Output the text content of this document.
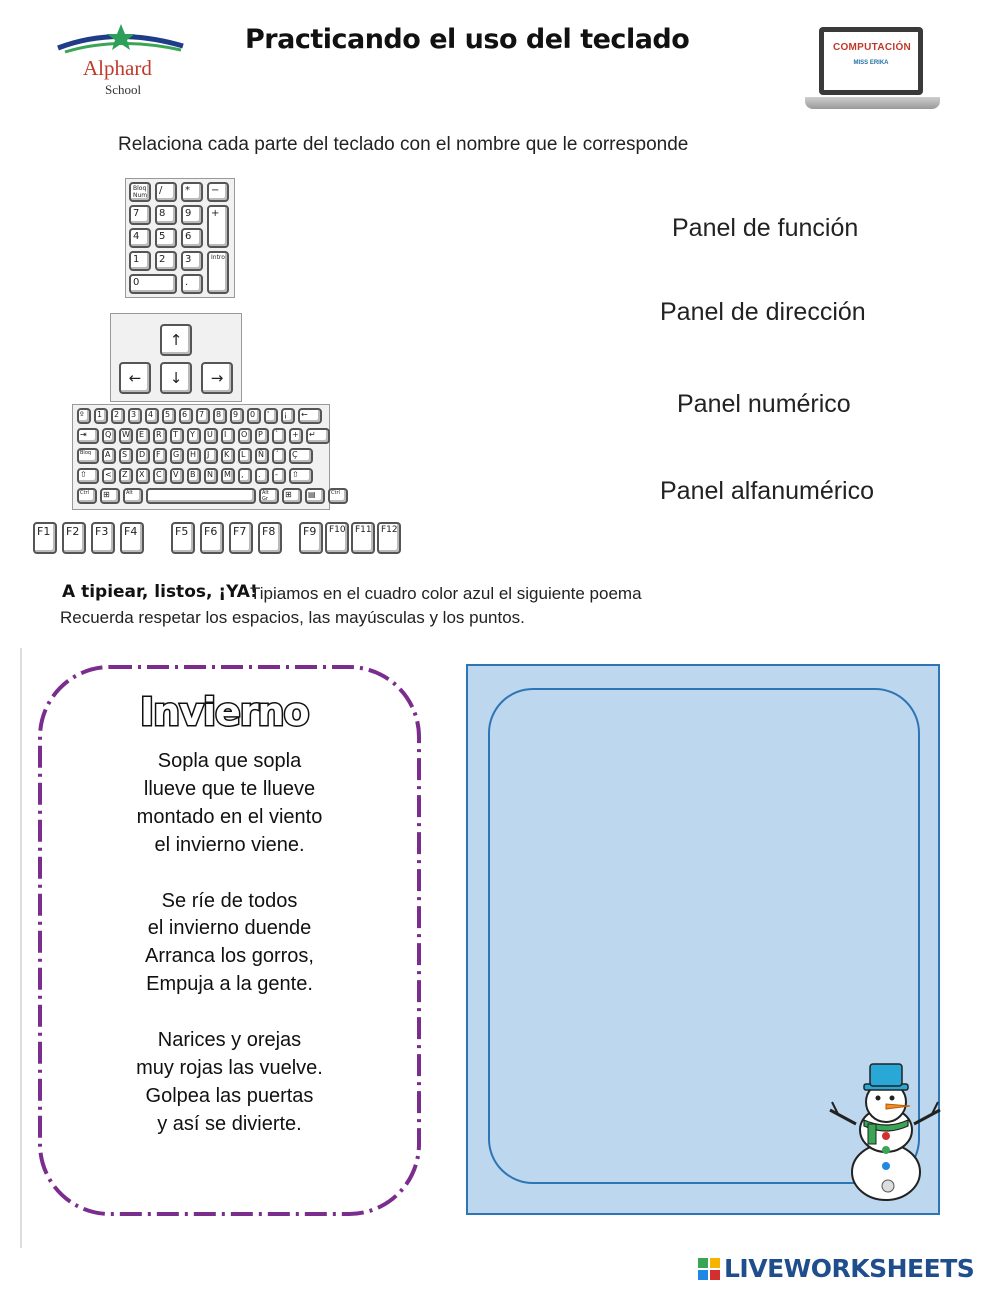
Alphard
School
Practicando el uso del teclado	COMPUTACIÓN
MISS ERIKA
Relaciona cada parte del teclado con el nombre que le corresponde
Bloq Num	/	*	−
7	8	9	+
4	5	6
1	2	3	Intro
0	.
↑
←	↓	→
º	1	2	3	4	5	6	7	8	9	0	'	¡	←
⇥	Q	W	E	R	T	Y	U	I	O	P	`	+	↵
Bloq	A	S	D	F	G	H	J	K	L	Ñ	´	Ç
⇧	<	Z	X	C	V	B	N	M	,	.	-	⇧
Ctrl	⊞	Alt	Alt Gr	⊞	▤	Ctrl
F1	F2	F3	F4	F5	F6	F7	F8	F9	F10	F11	F12
Panel de función
Panel de dirección
Panel numérico
Panel alfanumérico
A tipiear, listos, ¡YA!
Tipiamos en el cuadro color azul el siguiente poema
Recuerda respetar los espacios, las mayúsculas y los puntos.
Invierno
Sopla que sopla
llueve que te llueve
montado en el viento
el invierno viene.
Se ríe de todos
el invierno duende
Arranca los gorros,
Empuja a la gente.
Narices y orejas
muy rojas las vuelve.
Golpea las puertas
y así se divierte.
LIVEWORKSHEETS
